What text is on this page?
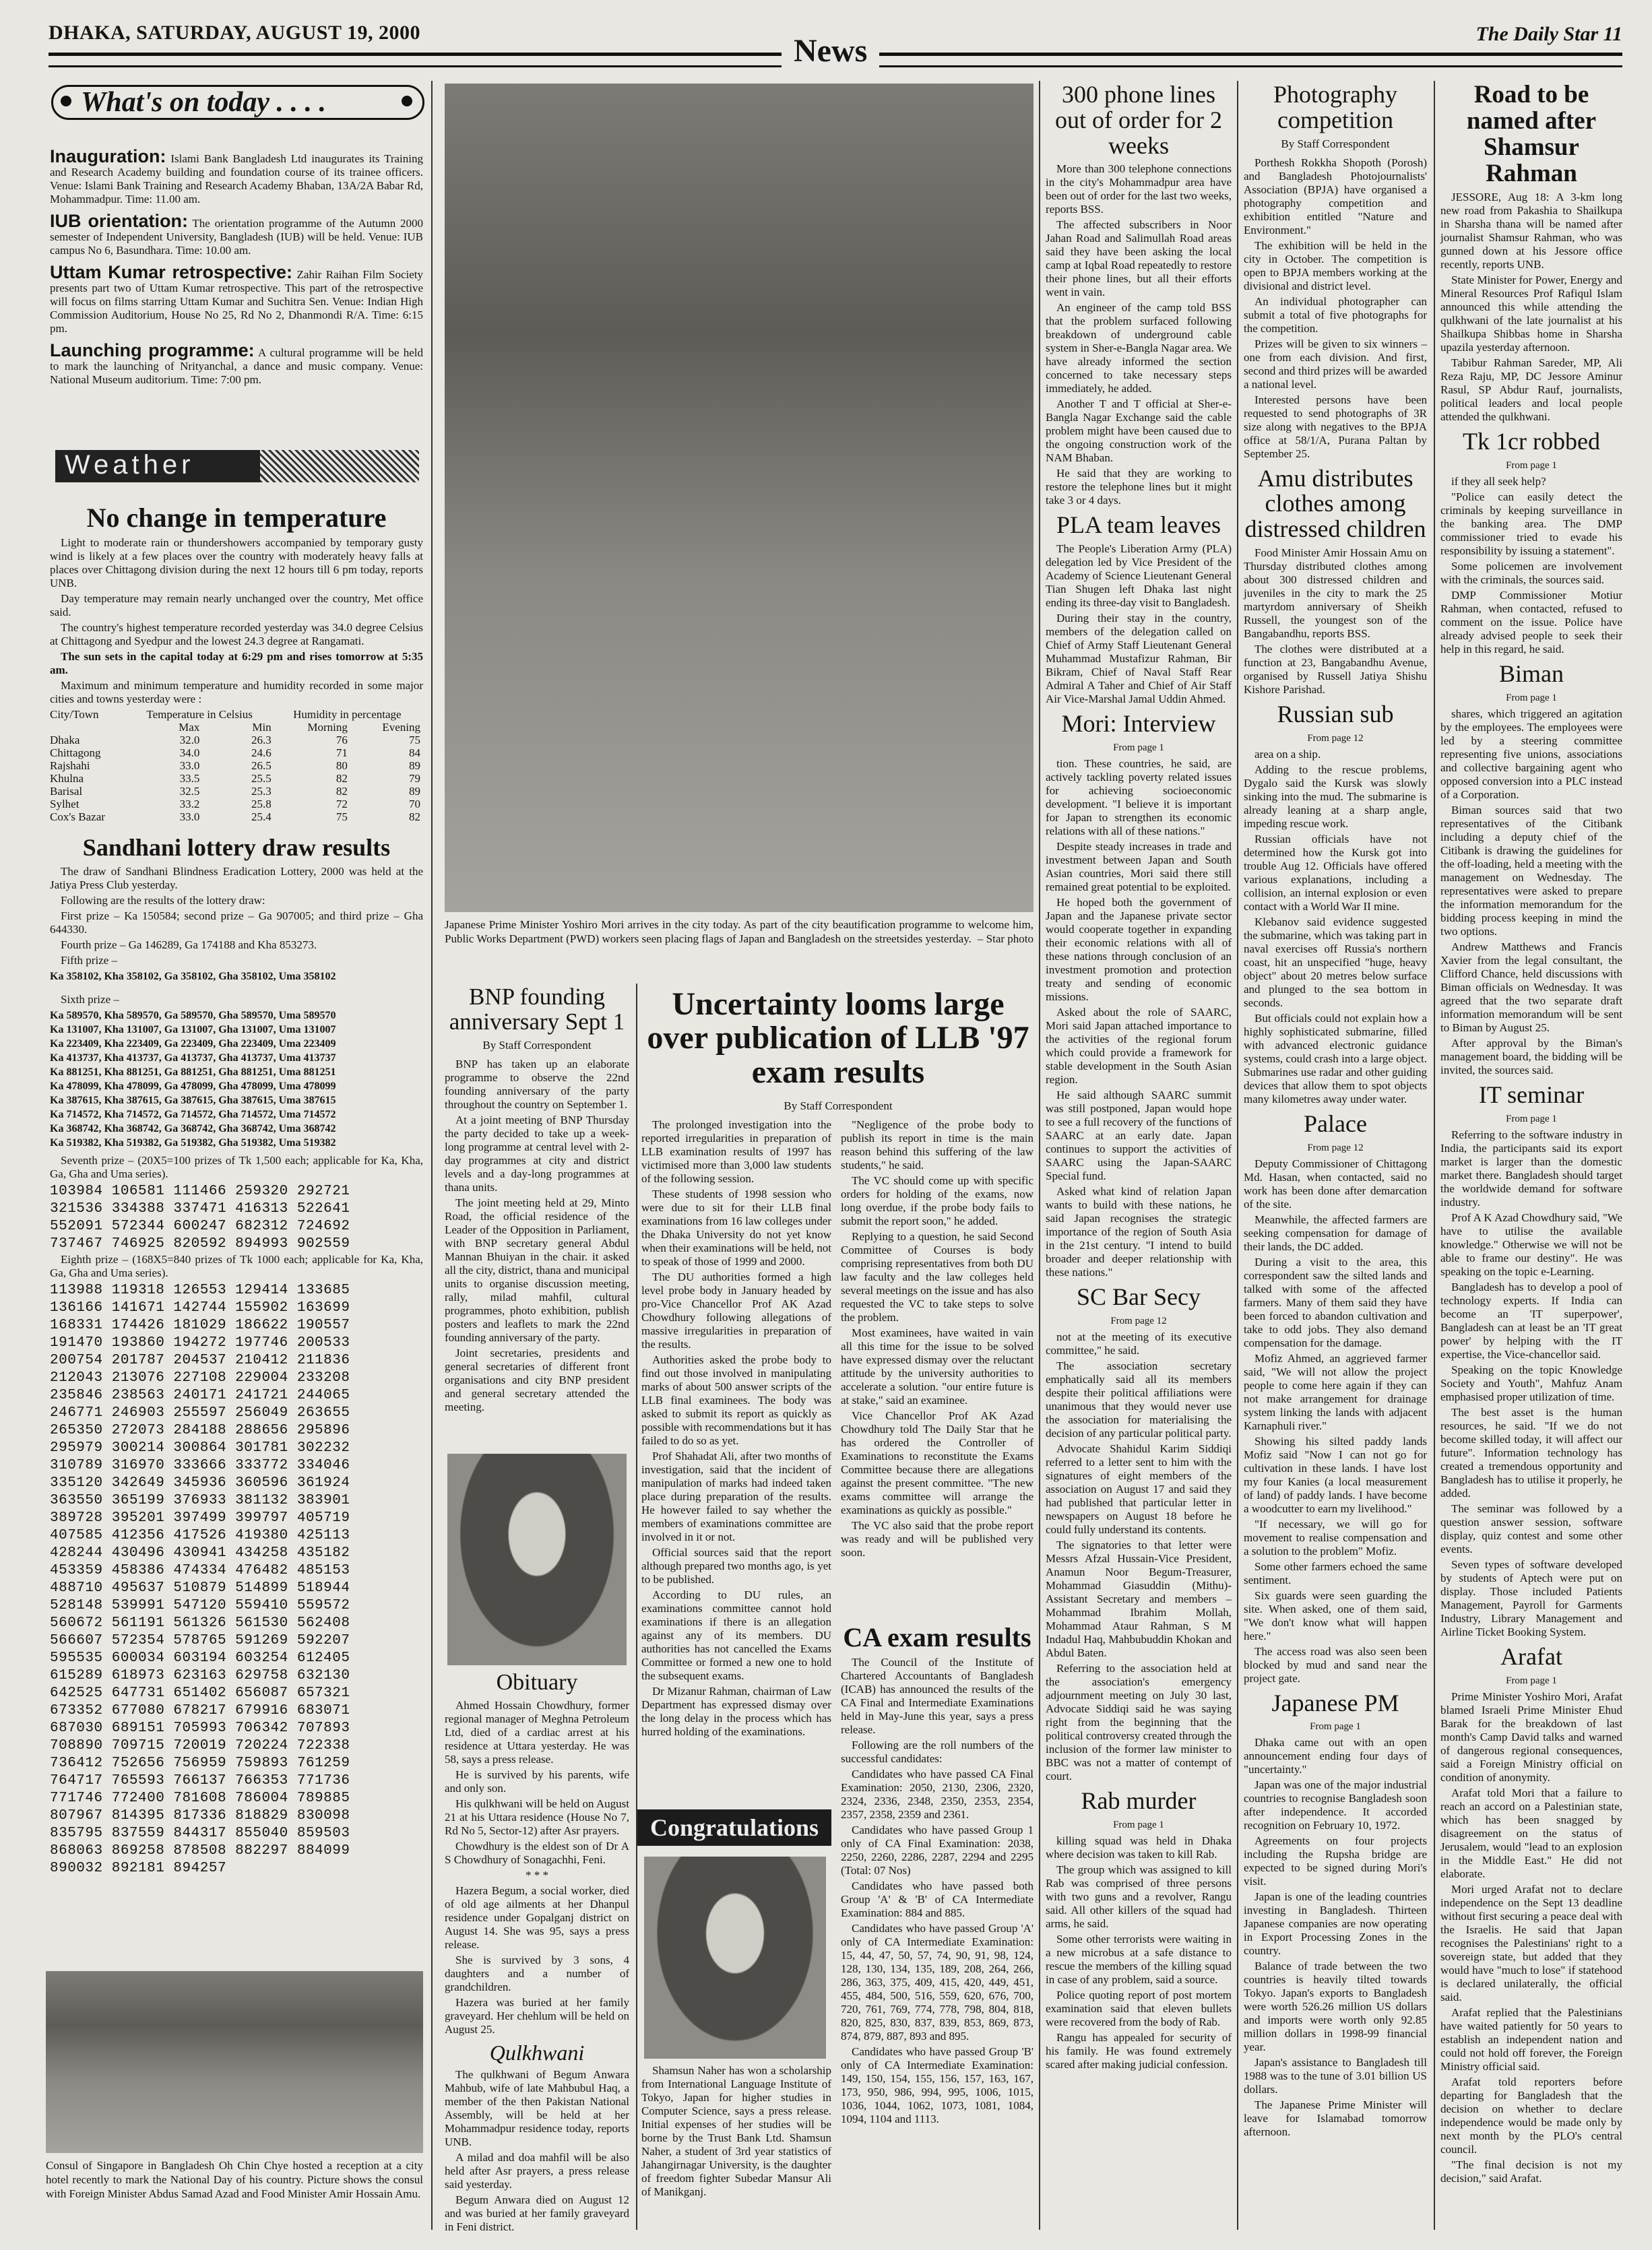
DHAKA, SATURDAY, AUGUST 19, 2000
News	The Daily Star 11
What's on today . . . .

Inauguration: Islami Bank Bangladesh Ltd inaugurates its Training and Research Academy building and foundation course of its trainee officers. Venue: Islami Bank Training and Research Academy Bhaban, 13A/2A Babar Rd, Mohammadpur. Time: 11.00 am.

IUB orientation: The orientation programme of the Autumn 2000 semester of Independent University, Bangladesh (IUB) will be held. Venue: IUB campus No 6, Basundhara. Time: 10.00 am.

Uttam Kumar retrospective: Zahir Raihan Film Society presents part two of Uttam Kumar retrospective. This part of the retrospective will focus on films starring Uttam Kumar and Suchitra Sen. Venue: Indian High Commission Auditorium, House No 25, Rd No 2, Dhanmondi R/A. Time: 6:15 pm.

Launching programme: A cultural programme will be held to mark the launching of Nrityanchal, a dance and music company. Venue: National Museum auditorium. Time: 7:00 pm.

Weather
No change in temperature

Light to moderate rain or thundershowers accompanied by temporary gusty wind is likely at a few places over the country with moderately heavy falls at places over Chittagong division during the next 12 hours till 6 pm today, reports UNB.

Day temperature may remain nearly unchanged over the country, Met office said.

The country's highest temperature recorded yesterday was 34.0 degree Celsius at Chittagong and Syedpur and the lowest 24.3 degree at Rangamati.

The sun sets in the capital today at 6:29 pm and rises tomorrow at 5:35 am.

Maximum and minimum temperature and humidity recorded in some major cities and towns yesterday were :

City/Town	Temperature in Celsius		Humidity in percentage	
	Max	Min	Morning	Evening
Dhaka	32.0	26.3	76	75
Chittagong	34.0	24.6	71	84
Rajshahi	33.0	26.5	80	89
Khulna	33.5	25.5	82	79
Barisal	32.5	25.3	82	89
Sylhet	33.2	25.8	72	70
Cox's Bazar	33.0	25.4	75	82
Sandhani lottery draw results

The draw of Sandhani Blindness Eradication Lottery, 2000 was held at the Jatiya Press Club yesterday.

Following are the results of the lottery draw:

First prize – Ka 150584; second prize – Ga 907005; and third prize – Gha 644330.

Fourth prize – Ga 146289, Ga 174188 and Kha 853273.

Fifth prize –

Ka 358102, Kha 358102, Ga 358102, Gha 358102, Uma 358102

Sixth prize –

Ka 589570, Kha 589570, Ga 589570, Gha 589570, Uma 589570
Ka 131007, Kha 131007, Ga 131007, Gha 131007, Uma 131007
Ka 223409, Kha 223409, Ga 223409, Gha 223409, Uma 223409
Ka 413737, Kha 413737, Ga 413737, Gha 413737, Uma 413737
Ka 881251, Kha 881251, Ga 881251, Gha 881251, Uma 881251
Ka 478099, Kha 478099, Ga 478099, Gha 478099, Uma 478099
Ka 387615, Kha 387615, Ga 387615, Gha 387615, Uma 387615
Ka 714572, Kha 714572, Ga 714572, Gha 714572, Uma 714572
Ka 368742, Kha 368742, Ga 368742, Gha 368742, Uma 368742
Ka 519382, Kha 519382, Ga 519382, Gha 519382, Uma 519382

Seventh prize – (20X5=100 prizes of Tk 1,500 each; applicable for Ka, Kha, Ga, Gha and Uma series).

103984 106581 111466 259320 292721
321536 334388 337471 416313 522641
552091 572344 600247 682312 724692
737467 746925 820592 894993 902559

Eighth prize – (168X5=840 prizes of Tk 1000 each; applicable for Ka, Kha, Ga, Gha and Uma series).

113988 119318 126553 129414 133685
136166 141671 142744 155902 163699
168331 174426 181029 186622 190557
191470 193860 194272 197746 200533
200754 201787 204537 210412 211836
212043 213076 227108 229004 233208
235846 238563 240171 241721 244065
246771 246903 255597 256049 263655
265350 272073 284188 288656 295896
295979 300214 300864 301781 302232
310789 316970 333666 333772 334046
335120 342649 345936 360596 361924
363550 365199 376933 381132 383901
389728 395201 397499 399797 405719
407585 412356 417526 419380 425113
428244 430496 430941 434258 435182
453359 458386 474334 476482 485153
488710 495637 510879 514899 518944
528148 539991 547120 559410 559572
560672 561191 561326 561530 562408
566607 572354 578765 591269 592207
595535 600034 603194 603254 612405
615289 618973 623163 629758 632130
642525 647731 651402 656087 657321
673352 677080 678217 679916 683071
687030 689151 705993 706342 707893
708890 709715 720019 720224 722338
736412 752656 756959 759893 761259
764717 765593 766137 766353 771736
771746 772400 781608 786004 789885
807967 814395 817336 818829 830098
835795 837559 844317 855040 859503
868063 869258 878508 882297 884099
890032 892181 894257
Consul of Singapore in Bangladesh Oh Chin Chye hosted a reception at a city hotel recently to mark the National Day of his country. Picture shows the consul with Foreign Minister Abdus Samad Azad and Food Minister Amir Hossain Amu.
Japanese Prime Minister Yoshiro Mori arrives in the city today. As part of the city beautification programme to welcome him, Public Works Department (PWD) workers seen placing flags of Japan and Bangladesh on the streetsides yesterday. – Star photo
BNP founding anniversary Sept 1
By Staff Correspondent

BNP has taken up an elaborate programme to observe the 22nd founding anniversary of the party throughout the country on September 1.

At a joint meeting of BNP Thursday the party decided to take up a week-long programme at central level with 2-day programmes at city and district levels and a day-long programmes at thana units.

The joint meeting held at 29, Minto Road, the official residence of the Leader of the Opposition in Parliament, with BNP secretary general Abdul Mannan Bhuiyan in the chair. it asked all the city, district, thana and municipal units to organise discussion meeting, rally, milad mahfil, cultural programmes, photo exhibition, publish posters and leaflets to mark the 22nd founding anniversary of the party.

Joint secretaries, presidents and general secretaries of different front organisations and city BNP president and general secretary attended the meeting.

Obituary

Ahmed Hossain Chowdhury, former regional manager of Meghna Petroleum Ltd, died of a cardiac arrest at his residence at Uttara yesterday. He was 58, says a press release.

He is survived by his parents, wife and only son.

His qulkhwani will be held on August 21 at his Uttara residence (House No 7, Rd No 5, Sector-12) after Asr prayers.

Chowdhury is the eldest son of Dr A S Chowdhury of Sonagachhi, Feni.

* * *

Hazera Begum, a social worker, died of old age ailments at her Dhanpul residence under Gopalganj district on August 14. She was 95, says a press release.

She is survived by 3 sons, 4 daughters and a number of grandchildren.

Hazera was buried at her family graveyard. Her chehlum will be held on August 25.

Qulkhwani

The qulkhwani of Begum Anwara Mahbub, wife of late Mahbubul Haq, a member of the then Pakistan National Assembly, will be held at her Mohammadpur residence today, reports UNB.

A milad and doa mahfil will be also held after Asr prayers, a press release said yesterday.

Begum Anwara died on August 12 and was buried at her family graveyard in Feni district.

Uncertainty looms large over publication of LLB '97 exam results
By Staff Correspondent

The prolonged investigation into the reported irregularities in preparation of LLB examination results of 1997 has victimised more than 3,000 law students of the following session.

These students of 1998 session who were due to sit for their LLB final examinations from 16 law colleges under the Dhaka University do not yet know when their examinations will be held, not to speak of those of 1999 and 2000.

The DU authorities formed a high level probe body in January headed by pro-Vice Chancellor Prof AK Azad Chowdhury following allegations of massive irregularities in preparation of the results.

Authorities asked the probe body to find out those involved in manipulating marks of about 500 answer scripts of the LLB final examinees. The body was asked to submit its report as quickly as possible with recommendations but it has failed to do so as yet.

Prof Shahadat Ali, after two months of investigation, said that the incident of manipulation of marks had indeed taken place during preparation of the results. He however failed to say whether the members of examinations committee are involved in it or not.

Official sources said that the report although prepared two months ago, is yet to be published.

According to DU rules, an examinations committee cannot hold examinations if there is an allegation against any of its members. DU authorities has not cancelled the Exams Committee or formed a new one to hold the subsequent exams.

Dr Mizanur Rahman, chairman of Law Department has expressed dismay over the long delay in the process which has hurred holding of the examinations.

"Negligence of the probe body to publish its report in time is the main reason behind this suffering of the law students," he said.

The VC should come up with specific orders for holding of the exams, now long overdue, if the probe body fails to submit the report soon," he added.

Replying to a question, he said Second Committee of Courses is body comprising representatives from both DU law faculty and the law colleges held several meetings on the issue and has also requested the VC to take steps to solve the problem.

Most examinees, have waited in vain all this time for the issue to be solved have expressed dismay over the reluctant attitude by the university authorities to accelerate a solution. "our entire future is at stake," said an examinee.

Vice Chancellor Prof AK Azad Chowdhury told The Daily Star that he has ordered the Controller of Examinations to reconstitute the Exams Committee because there are allegations against the present committee. "The new exams committee will arrange the examinations as quickly as possible."

The VC also said that the probe report was ready and will be published very soon.

Congratulations

Shamsun Naher has won a scholarship from International Language Institute of Tokyo, Japan for higher studies in Computer Science, says a press release. Initial expenses of her studies will be borne by the Trust Bank Ltd. Shamsun Naher, a student of 3rd year statistics of Jahangirnagar University, is the daughter of freedom fighter Subedar Mansur Ali of Manikganj.

CA exam results

The Council of the Institute of Chartered Accountants of Bangladesh (ICAB) has announced the results of the CA Final and Intermediate Examinations held in May-June this year, says a press release.

Following are the roll numbers of the successful candidates:

Candidates who have passed CA Final Examination: 2050, 2130, 2306, 2320, 2324, 2336, 2348, 2350, 2353, 2354, 2357, 2358, 2359 and 2361.

Candidates who have passed Group 1 only of CA Final Examination: 2038, 2250, 2260, 2286, 2287, 2294 and 2295 (Total: 07 Nos)

Candidates who have passed both Group 'A' & 'B' of CA Intermediate Examination: 884 and 885.

Candidates who have passed Group 'A' only of CA Intermediate Examination: 15, 44, 47, 50, 57, 74, 90, 91, 98, 124, 128, 130, 134, 135, 189, 208, 264, 266, 286, 363, 375, 409, 415, 420, 449, 451, 455, 484, 500, 516, 559, 620, 676, 700, 720, 761, 769, 774, 778, 798, 804, 818, 820, 825, 830, 837, 839, 853, 869, 873, 874, 879, 887, 893 and 895.

Candidates who have passed Group 'B' only of CA Intermediate Examination: 149, 150, 154, 155, 156, 157, 163, 167, 173, 950, 986, 994, 995, 1006, 1015, 1036, 1044, 1062, 1073, 1081, 1084, 1094, 1104 and 1113.

300 phone lines out of order for 2 weeks

More than 300 telephone connections in the city's Mohammadpur area have been out of order for the last two weeks, reports BSS.

The affected subscribers in Noor Jahan Road and Salimullah Road areas said they have been asking the local camp at Iqbal Road repeatedly to restore their phone lines, but all their efforts went in vain.

An engineer of the camp told BSS that the problem surfaced following breakdown of underground cable system in Sher-e-Bangla Nagar area. We have already informed the section concerned to take necessary steps immediately, he added.

Another T and T official at Sher-e-Bangla Nagar Exchange said the cable problem might have been caused due to the ongoing construction work of the NAM Bhaban.

He said that they are working to restore the telephone lines but it might take 3 or 4 days.

PLA team leaves

The People's Liberation Army (PLA) delegation led by Vice President of the Academy of Science Lieutenant General Tian Shugen left Dhaka last night ending its three-day visit to Bangladesh.

During their stay in the country, members of the delegation called on Chief of Army Staff Lieutenant General Muhammad Mustafizur Rahman, Bir Bikram, Chief of Naval Staff Rear Admiral A Taher and Chief of Air Staff Air Vice-Marshal Jamal Uddin Ahmed.

Mori: Interview
From page 1

tion. These countries, he said, are actively tackling poverty related issues for achieving socioeconomic development. "I believe it is important for Japan to strengthen its economic relations with all of these nations."

Despite steady increases in trade and investment between Japan and South Asian countries, Mori said there still remained great potential to be exploited.

He hoped both the government of Japan and the Japanese private sector would cooperate together in expanding their economic relations with all of these nations through conclusion of an investment promotion and protection treaty and sending of economic missions.

Asked about the role of SAARC, Mori said Japan attached importance to the activities of the regional forum which could provide a framework for stable development in the South Asian region.

He said although SAARC summit was still postponed, Japan would hope to see a full recovery of the functions of SAARC at an early date. Japan continues to support the activities of SAARC using the Japan-SAARC Special fund.

Asked what kind of relation Japan wants to build with these nations, he said Japan recognises the strategic importance of the region of South Asia in the 21st century. "I intend to build broader and deeper relationship with these nations."

SC Bar Secy
From page 12

not at the meeting of its executive committee," he said.

The association secretary emphatically said all its members despite their political affiliations were unanimous that they would never use the association for materialising the decision of any particular political party.

Advocate Shahidul Karim Siddiqi referred to a letter sent to him with the signatures of eight members of the association on August 17 and said they had published that particular letter in newspapers on August 18 before he could fully understand its contents.

The signatories to that letter were Messrs Afzal Hussain-Vice President, Anamun Noor Begum-Treasurer, Mohammad Giasuddin (Mithu)-Assistant Secretary and members – Mohammad Ibrahim Mollah, Mohammad Ataur Rahman, S M Indadul Haq, Mahbubuddin Khokan and Abdul Baten.

Referring to the association held at the association's emergency adjournment meeting on July 30 last, Advocate Siddiqi said he was saying right from the beginning that the political controversy created through the inclusion of the former law minister to BBC was not a matter of contempt of court.

Rab murder
From page 1

killing squad was held in Dhaka where decision was taken to kill Rab.

The group which was assigned to kill Rab was comprised of three persons with two guns and a revolver, Rangu said. All other killers of the squad had arms, he said.

Some other terrorists were waiting in a new microbus at a safe distance to rescue the members of the killing squad in case of any problem, said a source.

Police quoting report of post mortem examination said that eleven bullets were recovered from the body of Rab.

Rangu has appealed for security of his family. He was found extremely scared after making judicial confession.

Photography competition
By Staff Correspondent

Porthesh Rokkha Shopoth (Porosh) and Bangladesh Photojournalists' Association (BPJA) have organised a photography competition and exhibition entitled "Nature and Environment."

The exhibition will be held in the city in October. The competition is open to BPJA members working at the divisional and district level.

An individual photographer can submit a total of five photographs for the competition.

Prizes will be given to six winners – one from each division. And first, second and third prizes will be awarded a national level.

Interested persons have been requested to send photographs of 3R size along with negatives to the BPJA office at 58/1/A, Purana Paltan by September 25.

Amu distributes clothes among distressed children

Food Minister Amir Hossain Amu on Thursday distributed clothes among about 300 distressed children and juveniles in the city to mark the 25 martyrdom anniversary of Sheikh Russell, the youngest son of the Bangabandhu, reports BSS.

The clothes were distributed at a function at 23, Bangabandhu Avenue, organised by Russell Jatiya Shishu Kishore Parishad.

Russian sub
From page 12

area on a ship.

Adding to the rescue problems, Dygalo said the Kursk was slowly sinking into the mud. The submarine is already leaning at a sharp angle, impeding rescue work.

Russian officials have not determined how the Kursk got into trouble Aug 12. Officials have offered various explanations, including a collision, an internal explosion or even contact with a World War II mine.

Klebanov said evidence suggested the submarine, which was taking part in naval exercises off Russia's northern coast, hit an unspecified "huge, heavy object" about 20 metres below surface and plunged to the sea bottom in seconds.

But officials could not explain how a highly sophisticated submarine, filled with advanced electronic guidance systems, could crash into a large object. Submarines use radar and other guiding devices that allow them to spot objects many kilometres away under water.

Palace
From page 12

Deputy Commissioner of Chittagong Md. Hasan, when contacted, said no work has been done after demarcation of the site.

Meanwhile, the affected farmers are seeking compensation for damage of their lands, the DC added.

During a visit to the area, this correspondent saw the silted lands and talked with some of the affected farmers. Many of them said they have been forced to abandon cultivation and take to odd jobs. They also demand compensation for the damage.

Mofiz Ahmed, an aggrieved farmer said, "We will not allow the project people to come here again if they can not make arrangement for drainage system linking the lands with adjacent Karnaphuli river."

Showing his silted paddy lands Mofiz said "Now I can not go for cultivation in these lands. I have lost my four Kanies (a local measurement of land) of paddy lands. I have become a woodcutter to earn my livelihood."

"If necessary, we will go for movement to realise compensation and a solution to the problem" Mofiz.

Some other farmers echoed the same sentiment.

Six guards were seen guarding the site. When asked, one of them said, "We don't know what will happen here."

The access road was also seen been blocked by mud and sand near the project gate.

Japanese PM
From page 1

Dhaka came out with an open announcement ending four days of "uncertainty."

Japan was one of the major industrial countries to recognise Bangladesh soon after independence. It accorded recognition on February 10, 1972.

Agreements on four projects including the Rupsha bridge are expected to be signed during Mori's visit.

Japan is one of the leading countries investing in Bangladesh. Thirteen Japanese companies are now operating in Export Processing Zones in the country.

Balance of trade between the two countries is heavily tilted towards Tokyo. Japan's exports to Bangladesh were worth 526.26 million US dollars and imports were worth only 92.85 million dollars in 1998-99 financial year.

Japan's assistance to Bangladesh till 1988 was to the tune of 3.01 billion US dollars.

The Japanese Prime Minister will leave for Islamabad tomorrow afternoon.

Road to be named after Shamsur Rahman

JESSORE, Aug 18: A 3-km long new road from Pakashia to Shailkupa in Sharsha thana will be named after journalist Shamsur Rahman, who was gunned down at his Jessore office recently, reports UNB.

State Minister for Power, Energy and Mineral Resources Prof Rafiqul Islam announced this while attending the qulkhwani of the late journalist at his Shailkupa Shibbas home in Sharsha upazila yesterday afternoon.

Tabibur Rahman Sareder, MP, Ali Reza Raju, MP, DC Jessore Aminur Rasul, SP Abdur Rauf, journalists, political leaders and local people attended the qulkhwani.

Tk 1cr robbed
From page 1

if they all seek help?

"Police can easily detect the criminals by keeping surveillance in the banking area. The DMP commissioner tried to evade his responsibility by issuing a statement".

Some policemen are involvement with the criminals, the sources said.

DMP Commissioner Motiur Rahman, when contacted, refused to comment on the issue. Police have already advised people to seek their help in this regard, he said.

Biman
From page 1

shares, which triggered an agitation by the employees. The employees were led by a steering committee representing five unions, associations and collective bargaining agent who opposed conversion into a PLC instead of a Corporation.

Biman sources said that two representatives of the Citibank including a deputy chief of the Citibank is drawing the guidelines for the off-loading, held a meeting with the management on Wednesday. The representatives were asked to prepare the information memorandum for the bidding process keeping in mind the two options.

Andrew Matthews and Francis Xavier from the legal consultant, the Clifford Chance, held discussions with Biman officials on Wednesday. It was agreed that the two separate draft information memorandum will be sent to Biman by August 25.

After approval by the Biman's management board, the bidding will be invited, the sources said.

IT seminar
From page 1

Referring to the software industry in India, the participants said its export market is larger than the domestic market there. Bangladesh should target the worldwide demand for software industry.

Prof A K Azad Chowdhury said, "We have to utilise the available knowledge." Otherwise we will not be able to frame our destiny". He was speaking on the topic e-Learning.

Bangladesh has to develop a pool of technology experts. If India can become an 'IT superpower', Bangladesh can at least be an 'IT great power' by helping with the IT expertise, the Vice-chancellor said.

Speaking on the topic Knowledge Society and Youth", Mahfuz Anam emphasised proper utilization of time.

The best asset is the human resources, he said. "If we do not become skilled today, it will affect our future". Information technology has created a tremendous opportunity and Bangladesh has to utilise it properly, he added.

The seminar was followed by a question answer session, software display, quiz contest and some other events.

Seven types of software developed by students of Aptech were put on display. Those included Patients Management, Payroll for Garments Industry, Library Management and Airline Ticket Booking System.

Arafat
From page 1

Prime Minister Yoshiro Mori, Arafat blamed Israeli Prime Minister Ehud Barak for the breakdown of last month's Camp David talks and warned of dangerous regional consequences, said a Foreign Ministry official on condition of anonymity.

Arafat told Mori that a failure to reach an accord on a Palestinian state, which has been snagged by disagreement on the status of Jerusalem, would "lead to an explosion in the Middle East." He did not elaborate.

Mori urged Arafat not to declare independence on the Sept 13 deadline without first securing a peace deal with the Israelis. He said that Japan recognises the Palestinians' right to a sovereign state, but added that they would have "much to lose" if statehood is declared unilaterally, the official said.

Arafat replied that the Palestinians have waited patiently for 50 years to establish an independent nation and could not hold off forever, the Foreign Ministry official said.

Arafat told reporters before departing for Bangladesh that the decision on whether to declare independence would be made only by next month by the PLO's central council.

"The final decision is not my decision," said Arafat.
